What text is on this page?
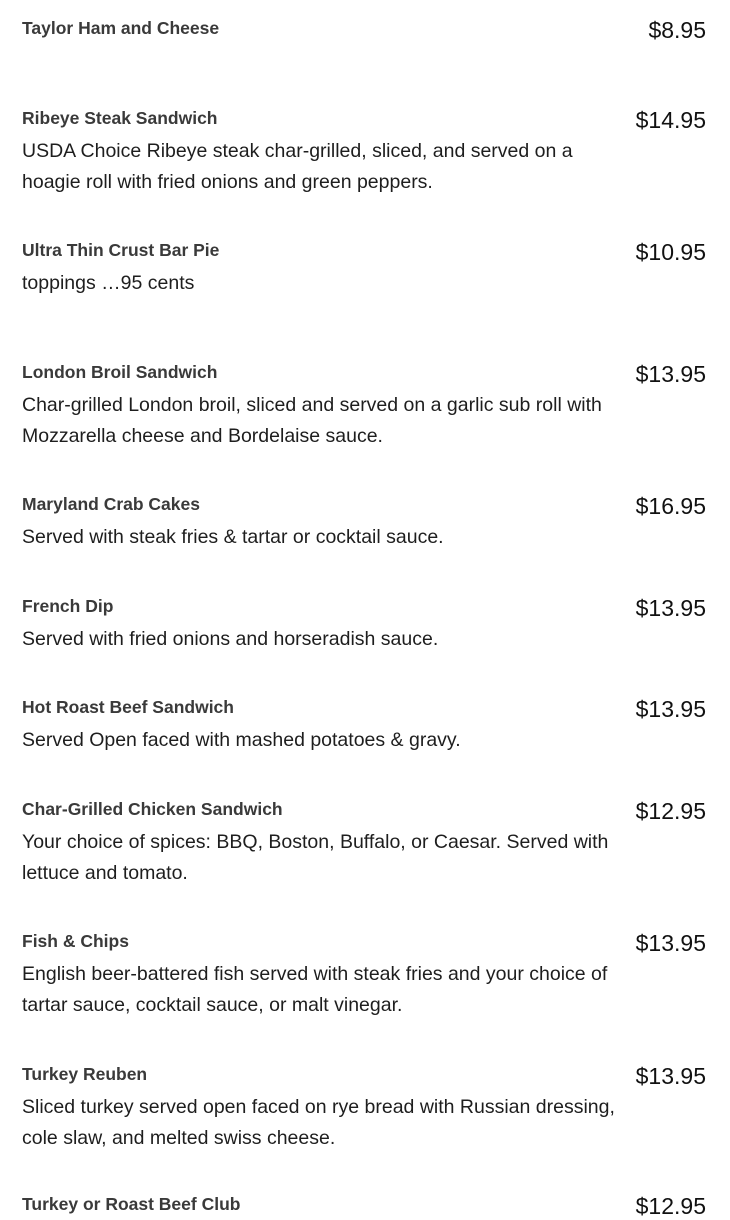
Taylor Ham and Cheese	$8.95
Ribeye Steak Sandwich	$14.95
USDA Choice Ribeye steak char-grilled, sliced, and served on a hoagie roll with fried onions and green peppers.
Ultra Thin Crust Bar Pie	$10.95
toppings …95 cents
London Broil Sandwich	$13.95
Char-grilled London broil, sliced and served on a garlic sub roll with Mozzarella cheese and Bordelaise sauce.
Maryland Crab Cakes	$16.95
Served with steak fries & tartar or cocktail sauce.
French Dip	$13.95
Served with fried onions and horseradish sauce.
Hot Roast Beef Sandwich	$13.95
Served Open faced with mashed potatoes & gravy.
Char-Grilled Chicken Sandwich	$12.95
Your choice of spices: BBQ, Boston, Buffalo, or Caesar. Served with lettuce and tomato.
Fish & Chips	$13.95
English beer-battered fish served with steak fries and your choice of tartar sauce, cocktail sauce, or malt vinegar.
Turkey Reuben	$13.95
Sliced turkey served open faced on rye bread with Russian dressing, cole slaw, and melted swiss cheese.
Turkey or Roast Beef Club	$12.95
